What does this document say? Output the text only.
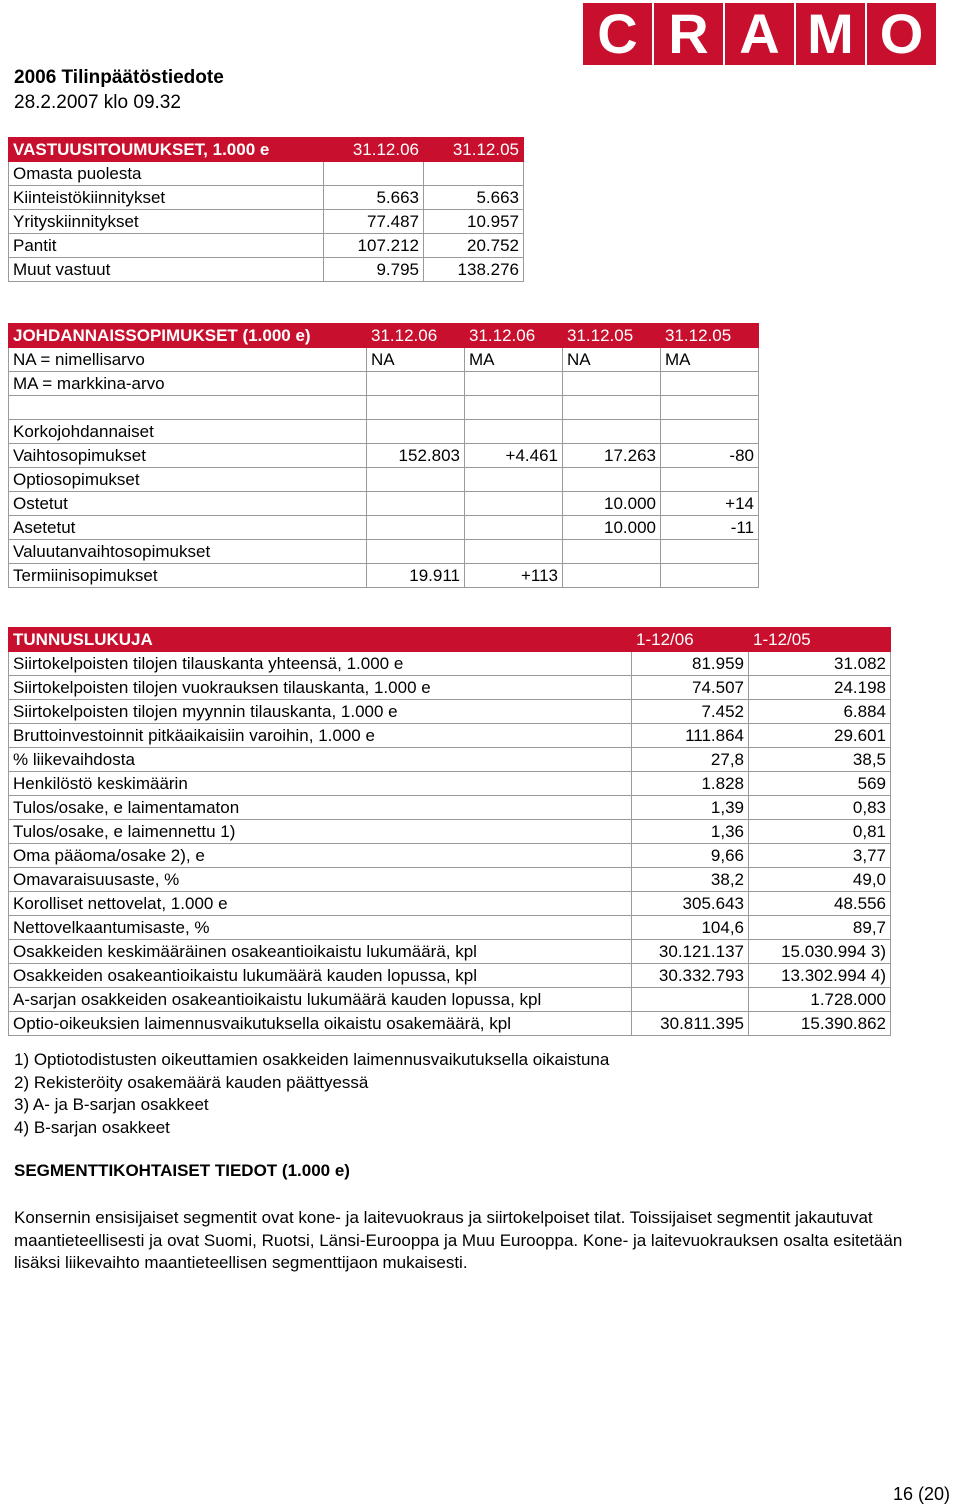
C R A M O
2006 Tilinpäätöstiedote
28.2.2007 klo 09.32
VASTUUSITOUMUKSET, 1.000 e	31.12.06	31.12.05
Omasta puolesta		
Kiinteistökiinnitykset	5.663	5.663
Yrityskiinnitykset	77.487	10.957
Pantit	107.212	20.752
Muut vastuut	9.795	138.276
JOHDANNAISSOPIMUKSET (1.000 e)	31.12.06	31.12.06	31.12.05	31.12.05
NA = nimellisarvo	NA	MA	NA	MA
MA = markkina-arvo				

Korkojohdannaiset				
Vaihtosopimukset	152.803	+4.461	17.263	-80
Optiosopimukset				
Ostetut			10.000	+14
Asetetut			10.000	-11
Valuutanvaihtosopimukset				
Termiinisopimukset	19.911	+113		
TUNNUSLUKUJA	1-12/06	1-12/05
Siirtokelpoisten tilojen tilauskanta yhteensä, 1.000 e	81.959	31.082
Siirtokelpoisten tilojen vuokrauksen tilauskanta, 1.000 e	74.507	24.198
Siirtokelpoisten tilojen myynnin tilauskanta, 1.000 e	7.452	6.884
Bruttoinvestoinnit pitkäaikaisiin varoihin, 1.000 e	111.864	29.601
% liikevaihdosta	27,8	38,5
Henkilöstö keskimäärin	1.828	569
Tulos/osake, e laimentamaton	1,39	0,83
Tulos/osake, e laimennettu 1)	1,36	0,81
Oma pääoma/osake 2), e	9,66	3,77
Omavaraisuusaste, %	38,2	49,0
Korolliset nettovelat, 1.000 e	305.643	48.556
Nettovelkaantumisaste, %	104,6	89,7
Osakkeiden keskimääräinen osakeantioikaistu lukumäärä, kpl	30.121.137	15.030.994 3)
Osakkeiden osakeantioikaistu lukumäärä kauden lopussa, kpl	30.332.793	13.302.994 4)
A-sarjan osakkeiden osakeantioikaistu lukumäärä kauden lopussa, kpl		1.728.000
Optio-oikeuksien laimennusvaikutuksella oikaistu osakemäärä, kpl	30.811.395	15.390.862
1) Optiotodistusten oikeuttamien osakkeiden laimennusvaikutuksella oikaistuna
2) Rekisteröity osakemäärä kauden päättyessä
3) A- ja B-sarjan osakkeet
4) B-sarjan osakkeet
SEGMENTTIKOHTAISET TIEDOT (1.000 e)
Konsernin ensisijaiset segmentit ovat kone- ja laitevuokraus ja siirtokelpoiset tilat. Toissijaiset segmentit jakautuvat maantieteellisesti ja ovat Suomi, Ruotsi, Länsi-Eurooppa ja Muu Eurooppa. Kone- ja laitevuokrauksen osalta esitetään lisäksi liikevaihto maantieteellisen segmenttijaon mukaisesti.
16 (20)
